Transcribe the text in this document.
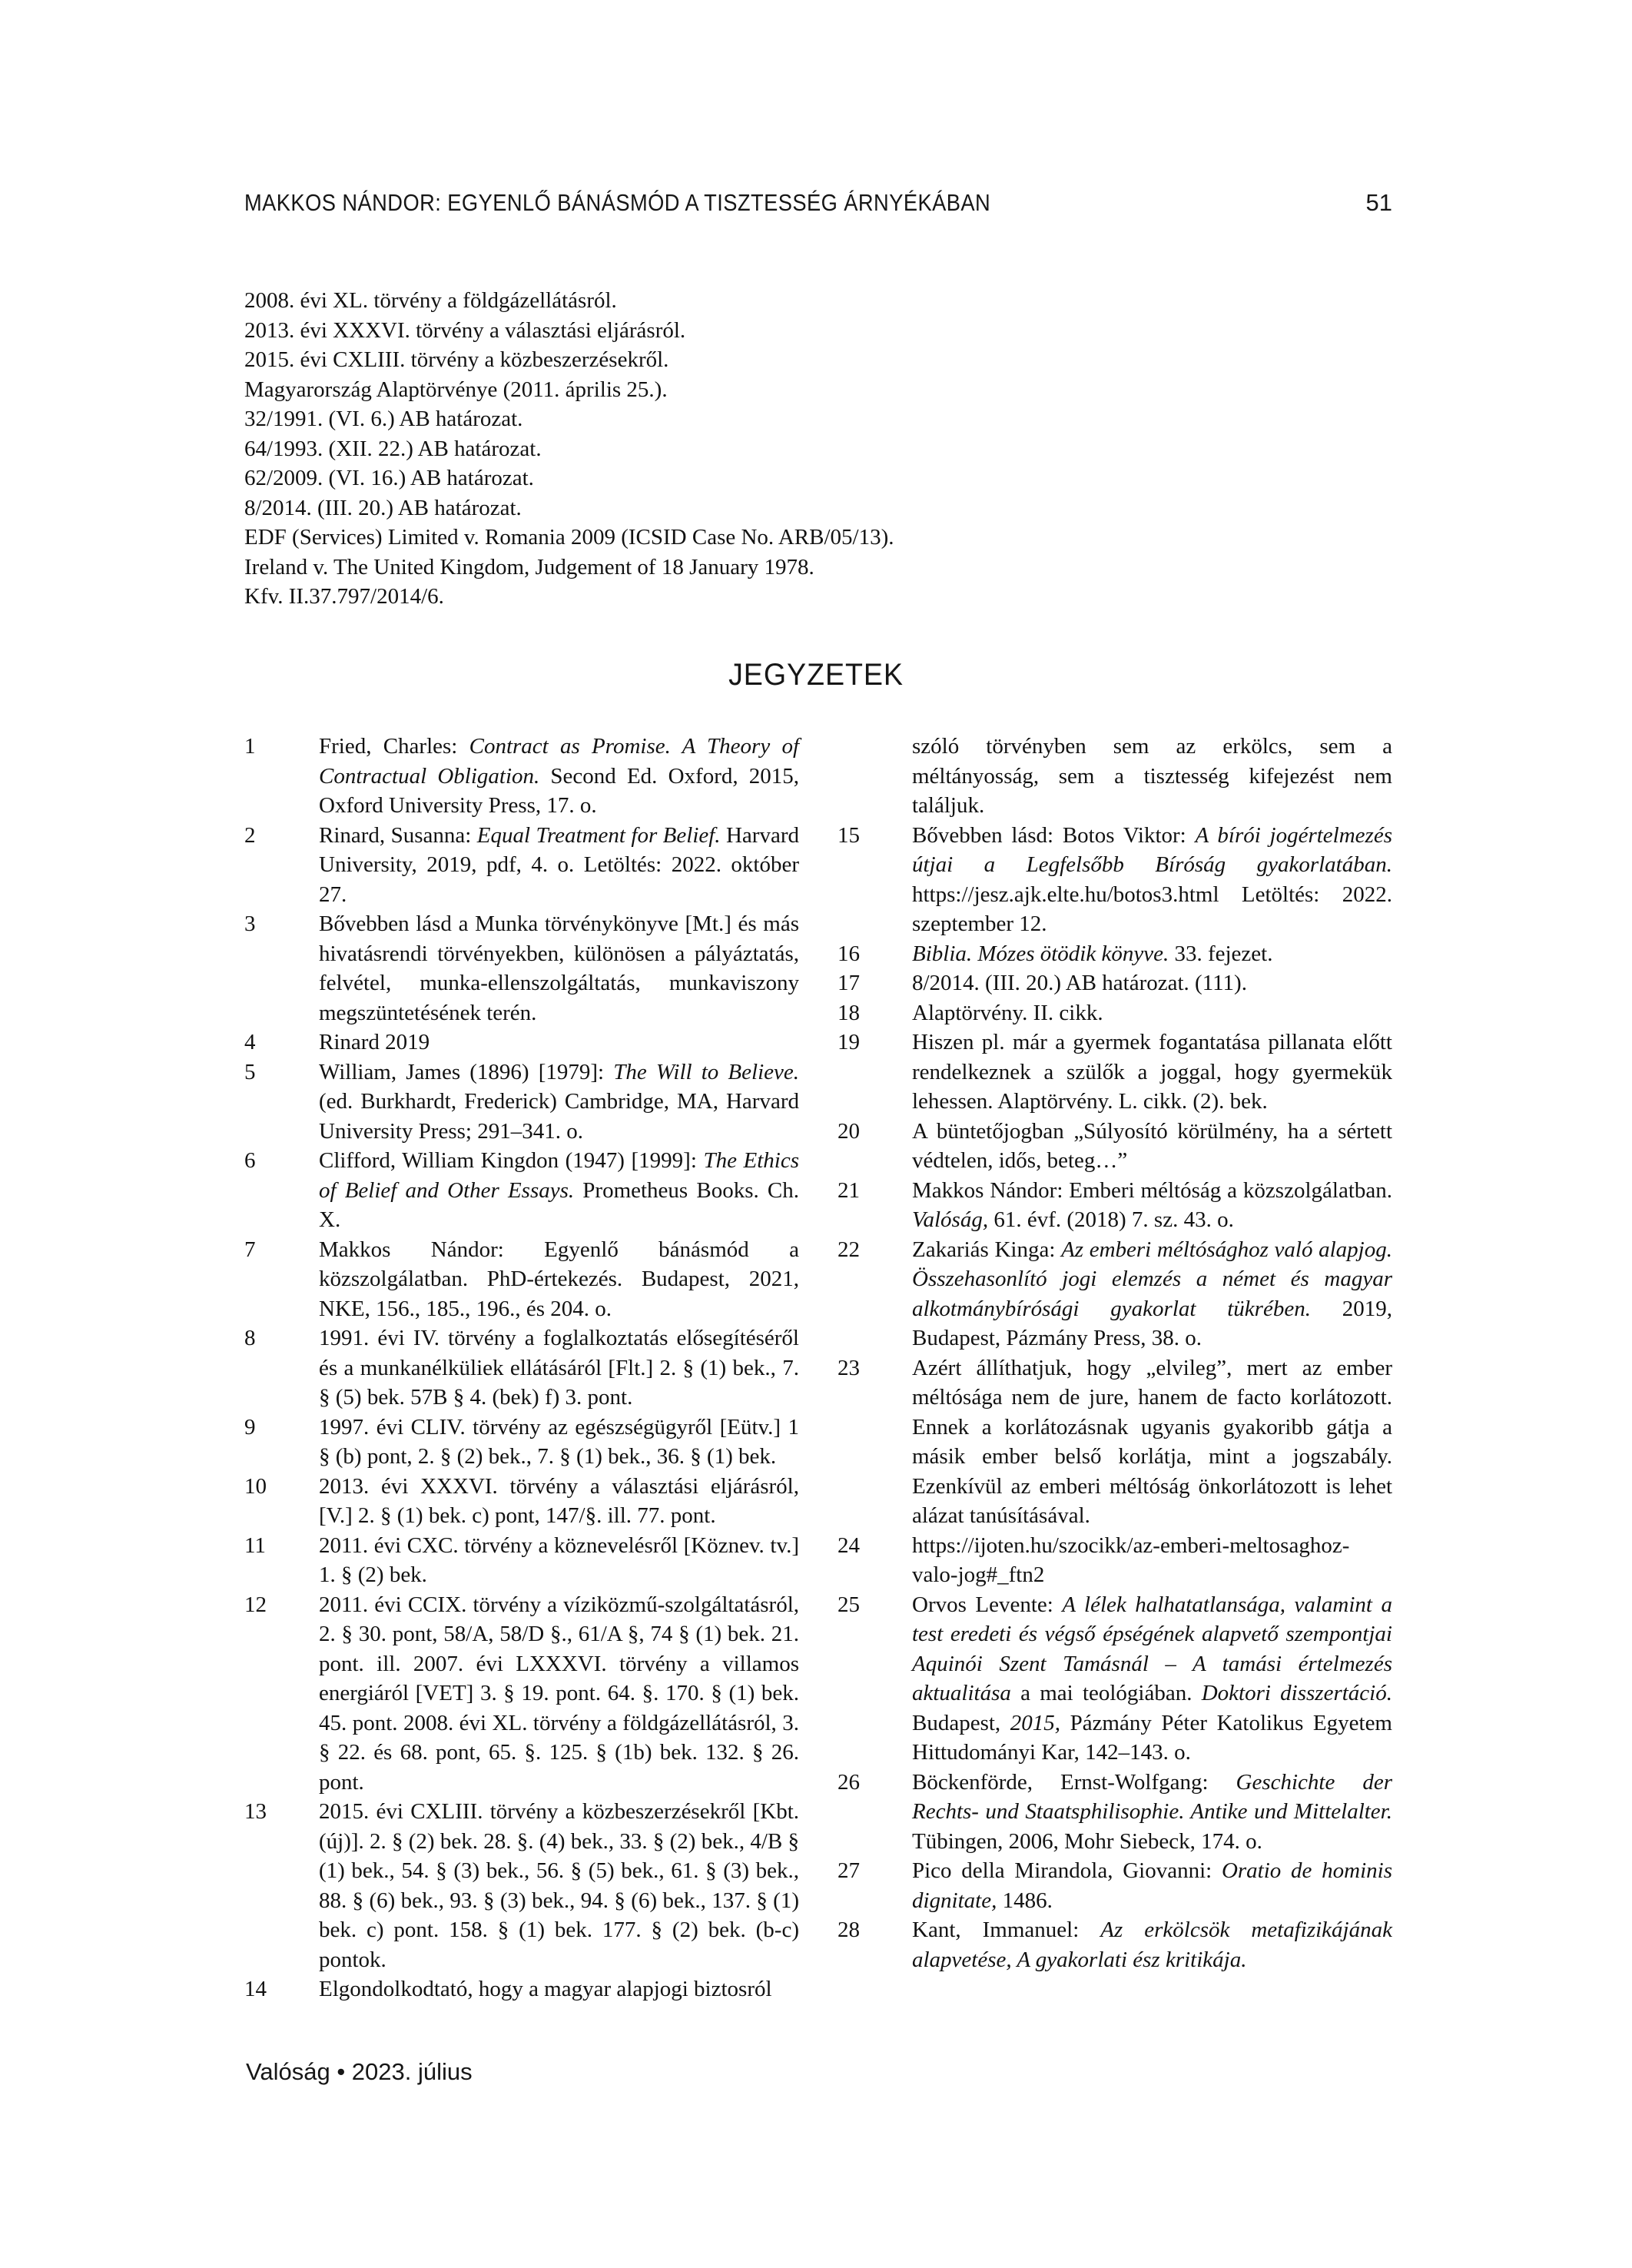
MAKKOS NÁNDOR: EGYENLŐ BÁNÁSMÓD A TISZTESSÉG ÁRNYÉKÁBAN	51
2008. évi XL. törvény a földgázellátásról.
2013. évi XXXVI. törvény a választási eljárásról.
2015. évi CXLIII. törvény a közbeszerzésekről.
Magyarország Alaptörvénye (2011. április 25.).
32/1991. (VI. 6.) AB határozat.
64/1993. (XII. 22.) AB határozat.
62/2009. (VI. 16.) AB határozat.
8/2014. (III. 20.) AB határozat.
EDF (Services) Limited v. Romania 2009 (ICSID Case No. ARB/05/13).
Ireland v. The United Kingdom, Judgement of 18 January 1978.
Kfv. II.37.797/2014/6.
JEGYZETEK
1	Fried, Charles: Contract as Promise. A Theory of Contractual Obligation. Second Ed. Oxford, 2015, Oxford University Press, 17. o.
2	Rinard, Susanna: Equal Treatment for Belief. Harvard University, 2019, pdf, 4. o. Letöltés: 2022. október 27.
3	Bővebben lásd a Munka törvénykönyve [Mt.] és más hivatásrendi törvényekben, különösen a pályáztatás, felvétel, munka-ellenszolgáltatás, munkaviszony megszüntetésének terén.
4	Rinard 2019
5	William, James (1896) [1979]: The Will to Believe. (ed. Burkhardt, Frederick) Cambridge, MA, Harvard University Press; 291–341. o.
6	Clifford, William Kingdon (1947) [1999]: The Ethics of Belief and Other Essays. Prometheus Books. Ch. X.
7	Makkos Nándor: Egyenlő bánásmód a közszolgálatban. PhD-értekezés. Budapest, 2021, NKE, 156., 185., 196., és 204. o.
8	1991. évi IV. törvény a foglalkoztatás elősegítéséről és a munkanélküliek ellátásáról [Flt.] 2. § (1) bek., 7. § (5) bek. 57B § 4. (bek) f) 3. pont.
9	1997. évi CLIV. törvény az egészségügyről [Eütv.] 1 § (b) pont, 2. § (2) bek., 7. § (1) bek., 36. § (1) bek.
10	2013. évi XXXVI. törvény a választási eljárásról, [V.] 2. § (1) bek. c) pont, 147/§. ill. 77. pont.
11	2011. évi CXC. törvény a köznevelésről [Köznev. tv.] 1. § (2) bek.
12	2011. évi CCIX. törvény a víziközmű-szolgáltatásról, 2. § 30. pont, 58/A, 58/D §., 61/A §, 74 § (1) bek. 21. pont. ill. 2007. évi LXXXVI. törvény a villamos energiáról [VET] 3. § 19. pont. 64. §. 170. § (1) bek. 45. pont. 2008. évi XL. törvény a földgázellátásról, 3. § 22. és 68. pont, 65. §. 125. § (1b) bek. 132. § 26. pont.
13	2015. évi CXLIII. törvény a közbeszerzésekről [Kbt. (új)]. 2. § (2) bek. 28. §. (4) bek., 33. § (2) bek., 4/B § (1) bek., 54. § (3) bek., 56. § (5) bek., 61. § (3) bek., 88. § (6) bek., 93. § (3) bek., 94. § (6) bek., 137. § (1) bek. c) pont. 158. § (1) bek. 177. § (2) bek. (b-c) pontok.
14	Elgondolkodtató, hogy a magyar alapjogi biztosról
szóló törvényben sem az erkölcs, sem a méltányosság, sem a tisztesség kifejezést nem találjuk.
15	Bővebben lásd: Botos Viktor: A bírói jogértelmezés útjai a Legfelsőbb Bíróság gyakorlatában. https://jesz.ajk.elte.hu/botos3.html Letöltés: 2022. szeptember 12.
16	Biblia. Mózes ötödik könyve. 33. fejezet.
17	8/2014. (III. 20.) AB határozat. (111).
18	Alaptörvény. II. cikk.
19	Hiszen pl. már a gyermek fogantatása pillanata előtt rendelkeznek a szülők a joggal, hogy gyermekük lehessen. Alaptörvény. L. cikk. (2). bek.
20	A büntetőjogban „Súlyosító körülmény, ha a sértett védtelen, idős, beteg…”
21	Makkos Nándor: Emberi méltóság a közszolgálatban. Valóság, 61. évf. (2018) 7. sz. 43. o.
22	Zakariás Kinga: Az emberi méltósághoz való alapjog. Összehasonlító jogi elemzés a német és magyar alkotmánybírósági gyakorlat tükrében. 2019, Budapest, Pázmány Press, 38. o.
23	Azért állíthatjuk, hogy „elvileg”, mert az ember méltósága nem de jure, hanem de facto korlátozott. Ennek a korlátozásnak ugyanis gyakoribb gátja a másik ember belső korlátja, mint a jogszabály. Ezenkívül az emberi méltóság önkorlátozott is lehet alázat tanúsításával.
24	https://ijoten.hu/szocikk/az-emberi-meltosaghoz-valo-jog#_ftn2
25	Orvos Levente: A lélek halhatatlansága, valamint a test eredeti és végső épségének alapvető szempontjai Aquinói Szent Tamásnál – A tamási értelmezés aktualitása a mai teológiában. Doktori disszertáció. Budapest, 2015, Pázmány Péter Katolikus Egyetem Hittudományi Kar, 142–143. o.
26	Böckenförde, Ernst-Wolfgang: Geschichte der Rechts- und Staatsphilisophie. Antike und Mittelalter. Tübingen, 2006, Mohr Siebeck, 174. o.
27	Pico della Mirandola, Giovanni: Oratio de hominis dignitate, 1486.
28	Kant, Immanuel: Az erkölcsök metafizikájának alapvetése, A gyakorlati ész kritikája.
Valóság • 2023. július
